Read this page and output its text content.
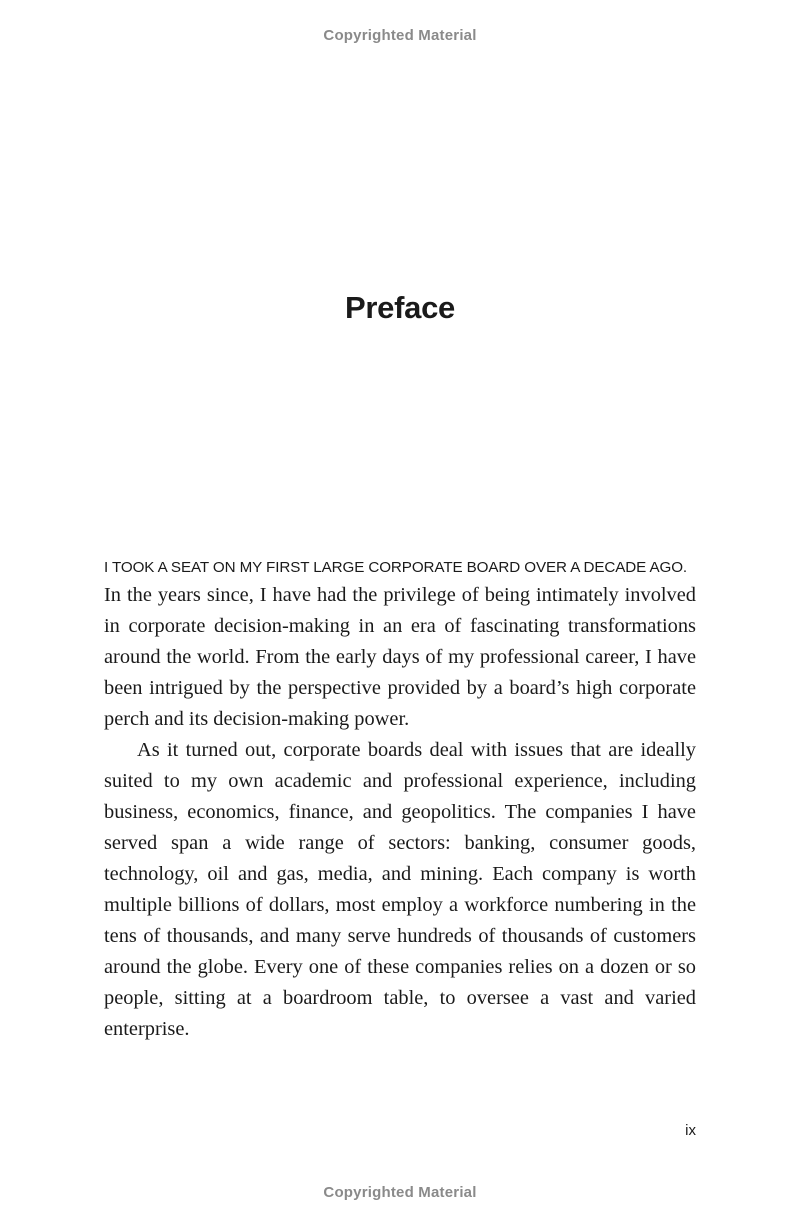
Copyrighted Material
Preface

I TOOK A SEAT ON MY FIRST LARGE CORPORATE BOARD OVER A DECADE AGO.

In the years since, I have had the privilege of being intimately involved in corporate decision-making in an era of fascinating transformations around the world. From the early days of my professional career, I have been intrigued by the perspective provided by a board’s high corporate perch and its decision-making power.

As it turned out, corporate boards deal with issues that are ideally suited to my own academic and professional experience, including business, economics, finance, and geopolitics. The companies I have served span a wide range of sectors: banking, consumer goods, technology, oil and gas, media, and mining. Each company is worth multiple billions of dollars, most employ a workforce numbering in the tens of thousands, and many serve hundreds of thousands of customers around the globe. Every one of these companies relies on a dozen or so people, sitting at a boardroom table, to oversee a vast and varied enterprise.

ix
Copyrighted Material
